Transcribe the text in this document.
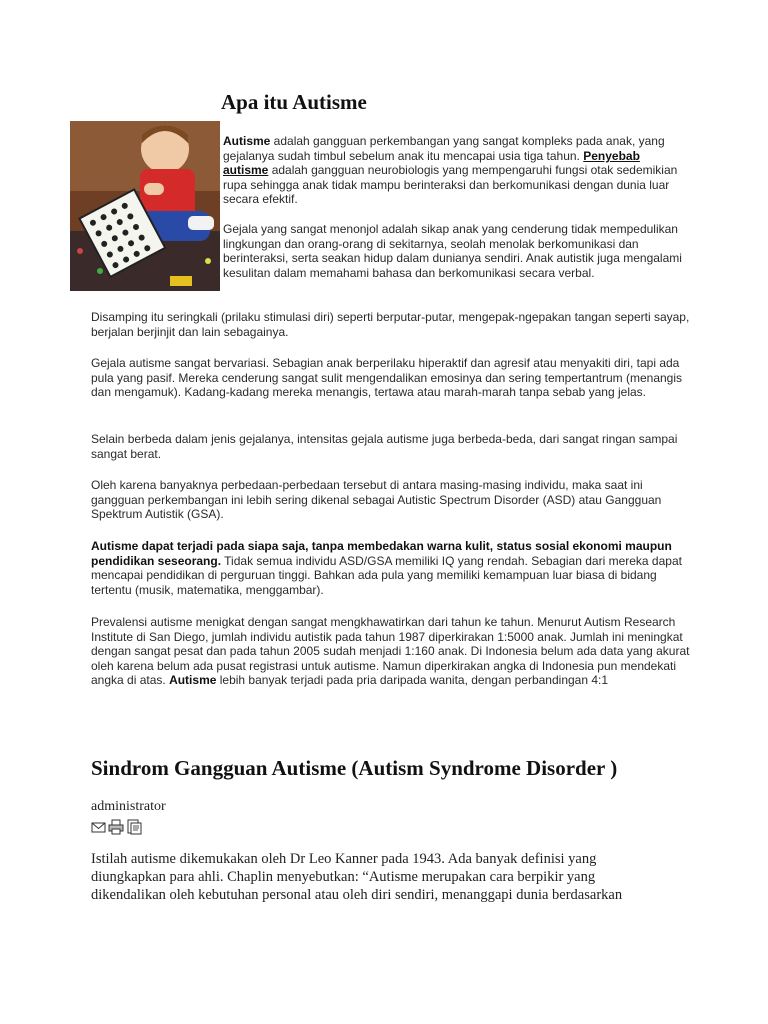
Apa itu Autisme

Autisme adalah gangguan perkembangan yang sangat kompleks pada anak, yang gejalanya sudah timbul sebelum anak itu mencapai usia tiga tahun. Penyebab autisme adalah gangguan neurobiologis yang mempengaruhi fungsi otak sedemikian rupa sehingga anak tidak mampu berinteraksi dan berkomunikasi dengan dunia luar secara efektif.

Gejala yang sangat menonjol adalah sikap anak yang cenderung tidak mempedulikan lingkungan dan orang-orang di sekitarnya, seolah menolak berkomunikasi dan berinteraksi, serta seakan hidup dalam dunianya sendiri. Anak autistik juga mengalami kesulitan dalam memahami bahasa dan berkomunikasi secara verbal.

Disamping itu seringkali (prilaku stimulasi diri) seperti berputar-putar, mengepak-ngepakan tangan seperti sayap, berjalan berjinjit dan lain sebagainya.

Gejala autisme sangat bervariasi. Sebagian anak berperilaku hiperaktif dan agresif atau menyakiti diri, tapi ada pula yang pasif. Mereka cenderung sangat sulit mengendalikan emosinya dan sering tempertantrum (menangis dan mengamuk). Kadang-kadang mereka menangis, tertawa atau marah-marah tanpa sebab yang jelas.

Selain berbeda dalam jenis gejalanya, intensitas gejala autisme juga berbeda-beda, dari sangat ringan sampai sangat berat.

Oleh karena banyaknya perbedaan-perbedaan tersebut di antara masing-masing individu, maka saat ini gangguan perkembangan ini lebih sering dikenal sebagai Autistic Spectrum Disorder (ASD) atau Gangguan Spektrum Autistik (GSA).

Autisme dapat terjadi pada siapa saja, tanpa membedakan warna kulit, status sosial ekonomi maupun pendidikan seseorang. Tidak semua individu ASD/GSA memiliki IQ yang rendah. Sebagian dari mereka dapat mencapai pendidikan di perguruan tinggi. Bahkan ada pula yang memiliki kemampuan luar biasa di bidang tertentu (musik, matematika, menggambar).

Prevalensi autisme menigkat dengan sangat mengkhawatirkan dari tahun ke tahun. Menurut Autism Research Institute di San Diego, jumlah individu autistik pada tahun 1987 diperkirakan 1:5000 anak. Jumlah ini meningkat dengan sangat pesat dan pada tahun 2005 sudah menjadi 1:160 anak. Di Indonesia belum ada data yang akurat oleh karena belum ada pusat registrasi untuk autisme. Namun diperkirakan angka di Indonesia pun mendekati angka di atas. Autisme lebih banyak terjadi pada pria daripada wanita, dengan perbandingan 4:1

Sindrom Gangguan Autisme (Autism Syndrome Disorder )

administrator

Istilah autisme dikemukakan oleh Dr Leo Kanner pada 1943. Ada banyak definisi yang diungkapkan para ahli. Chaplin menyebutkan: “Autisme merupakan cara berpikir yang dikendalikan oleh kebutuhan personal atau oleh diri sendiri, menanggapi dunia berdasarkan
